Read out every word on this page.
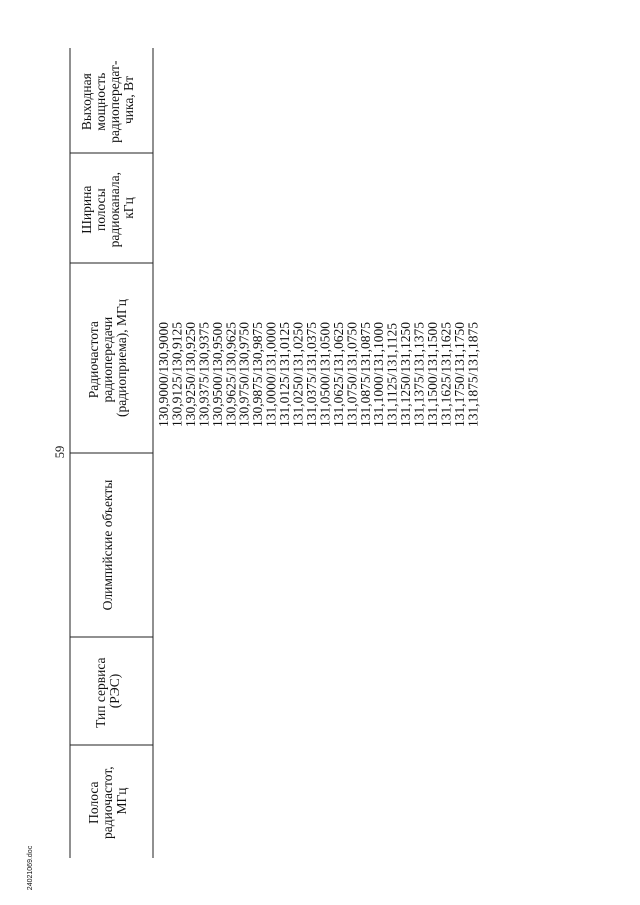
59
Полоса радиочастот, МГц
Тип сервиса (РЭС)
Олимпийские объекты
Радиочастота радиопередачи (радиоприема), МГц
Ширина полосы радиоканала, кГц
Выходная мощность радиопередат- чика, Вт
130,9000/130,9000
130,9125/130,9125
130,9250/130,9250
130,9375/130,9375
130,9500/130,9500
130,9625/130,9625
130,9750/130,9750
130,9875/130,9875
131,0000/131,0000
131,0125/131,0125
131,0250/131,0250
131,0375/131,0375
131,0500/131,0500
131,0625/131,0625
131,0750/131,0750
131,0875/131,0875
131,1000/131,1000
131,1125/131,1125
131,1250/131,1250
131,1375/131,1375
131,1500/131,1500
131,1625/131,1625
131,1750/131,1750
131,1875/131,1875
24021069.doc
